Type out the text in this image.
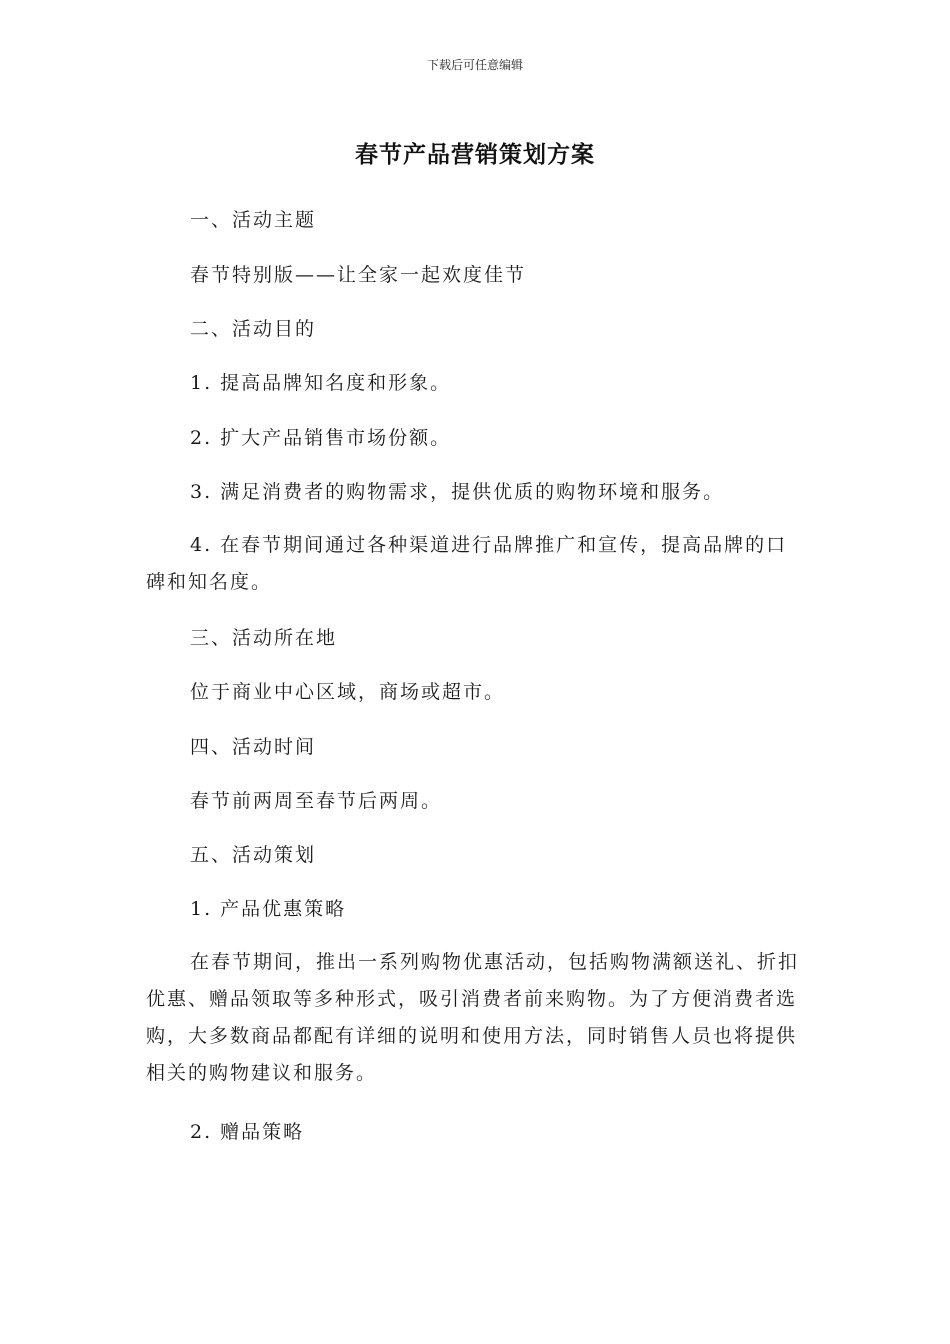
下载后可任意编辑
春节产品营销策划方案
一、活动主题
春节特别版——让全家一起欢度佳节
二、活动目的
1. 提高品牌知名度和形象。
2. 扩大产品销售市场份额。
3. 满足消费者的购物需求，提供优质的购物环境和服务。
4. 在春节期间通过各种渠道进行品牌推广和宣传，提高品牌的口碑和知名度。
三、活动所在地
位于商业中心区域，商场或超市。
四、活动时间
春节前两周至春节后两周。
五、活动策划
1. 产品优惠策略
在春节期间，推出一系列购物优惠活动，包括购物满额送礼、折扣优惠、赠品领取等多种形式，吸引消费者前来购物。为了方便消费者选购，大多数商品都配有详细的说明和使用方法，同时销售人员也将提供相关的购物建议和服务。
2. 赠品策略
